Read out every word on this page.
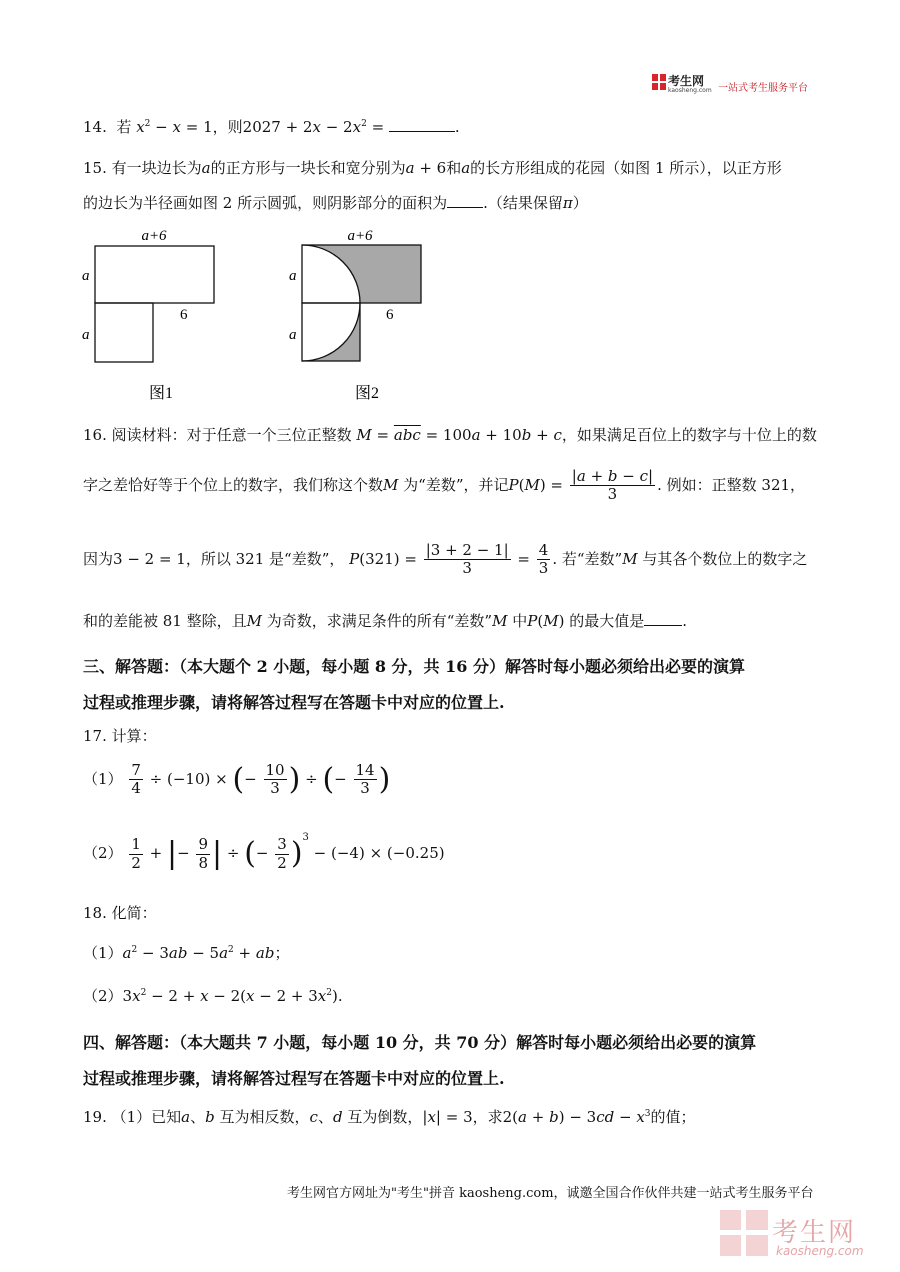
考生网
kaosheng.com 一站式考生服务平台
14. 若 $x^2 - x = 1$，则$2027 + 2x - 2x^2$ =	.
15. 有一块边长为a的正方形与一块长和宽分别为a + 6和a的长方形组成的花园（如图 1 所示），以正方形
的边长为半径画如图 2 所示圆弧，则阴影部分的面积为 .（结果保留π）
a+6
a
a
6
a+6
a
a
6
图1	图2
16. 阅读材料：对于任意一个三位正整数 $M = \overline{abc} = 100a + 10b + c$，如果满足百位上的数字与十位上的数
字之差恰好等于个位上的数字，我们称这个数M 为“差数”，并记$P(M) = \frac{|a + b - c|}{3}$ . 例如：正整数 321，
因为3 − 2 = 1，所以 321 是“差数”， $P(321) = \frac{|3 + 2 - 1|}{3} = \frac{4}{3}$ . 若“差数”M 与其各个数位上的数字之
和的差能被 81 整除，且M 为奇数，求满足条件的所有“差数”M 中P(M) 的最大值是	.
三、解答题：（本大题个 2 小题，每小题 8 分，共 16 分）解答时每小题必须给出必要的演算
过程或推理步骤，请将解答过程写在答题卡中对应的位置上.
17. 计算：
$(1) \frac{7}{4} \div (-10)$ × (− $\frac{10}{3}$ ) ÷ (− $\frac{14}{3}$ )
$(2) \frac{1}{2}$ + |− $\frac{9}{8}$ | ÷ (− $\frac{3}{2} )^3 - (-4) \times (-0.25)$
18. 化简：
$(1)a^2 - 3ab - 5a^2$ + ab；
$(2)3x^2 - 2 + x - 2(x - 2 + 3x^2)$.
四、解答题：（本大题共 7 小题，每小题 10 分，共 70 分）解答时每小题必须给出必要的演算
过程或推理步骤，请将解答过程写在答题卡中对应的位置上.
19. （1）已知a、b 互为相反数，c、d 互为倒数，|x| = 3，求$2(a + b) - 3cd - x^3$的值；
考生网官方网址为"考生"拼音 kaosheng.com，诚邀全国合作伙伴共建一站式考生服务平台
考生网
kaosheng.com
